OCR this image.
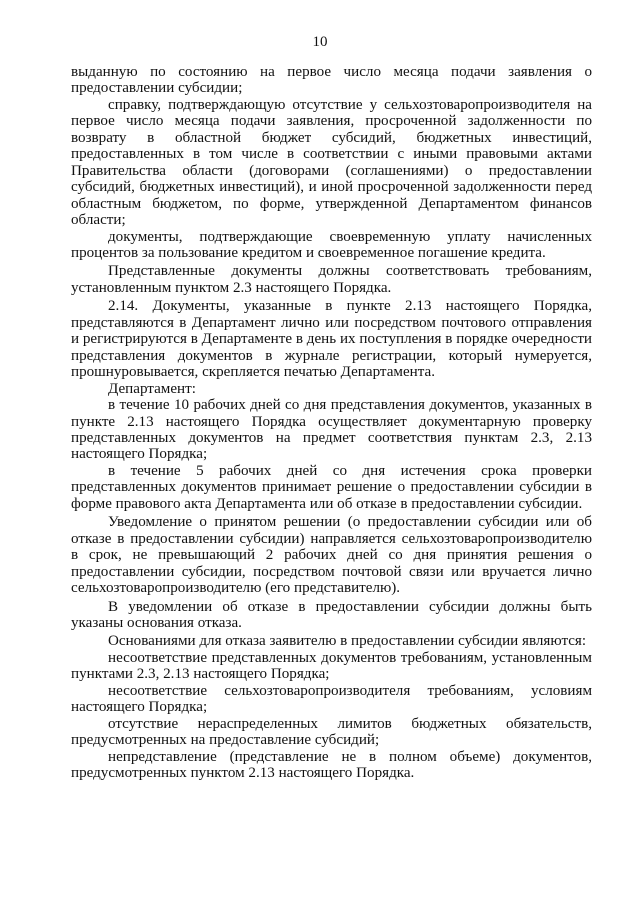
10

выданную по состоянию на первое число месяца подачи заявления о предоставлении субсидии;

справку, подтверждающую отсутствие у сельхозтоваропроизводителя на первое число месяца подачи заявления, просроченной задолженности по возврату в областной бюджет субсидий, бюджетных инвестиций, предоставленных в том числе в соответствии с иными правовыми актами Правительства области (договорами (соглашениями) о предоставлении субсидий, бюджетных инвестиций), и иной просроченной задолженности перед областным бюджетом, по форме, утвержденной Департаментом финансов области;

документы, подтверждающие своевременную уплату начисленных процентов за пользование кредитом и своевременное погашение кредита.

Представленные документы должны соответствовать требованиям, установленным пунктом 2.3 настоящего Порядка.

2.14. Документы, указанные в пункте 2.13 настоящего Порядка, представляются в Департамент лично или посредством почтового отправления и регистрируются в Департаменте в день их поступления в порядке очередности представления документов в журнале регистрации, который нумеруется, прошнуровывается, скрепляется печатью Департамента.

Департамент:

в течение 10 рабочих дней со дня представления документов, указанных в пункте 2.13 настоящего Порядка осуществляет документарную проверку представленных документов на предмет соответствия пунктам 2.3, 2.13 настоящего Порядка;

в течение 5 рабочих дней со дня истечения срока проверки представленных документов принимает решение о предоставлении субсидии в форме правового акта Департамента или об отказе в предоставлении субсидии.

Уведомление о принятом решении (о предоставлении субсидии или об отказе в предоставлении субсидии) направляется сельхозтоваропроизводителю в срок, не превышающий 2 рабочих дней со дня принятия решения о предоставлении субсидии, посредством почтовой связи или вручается лично сельхозтоваропроизводителю (его представителю).

В уведомлении об отказе в предоставлении субсидии должны быть указаны основания отказа.

Основаниями для отказа заявителю в предоставлении субсидии являются:

несоответствие представленных документов требованиям, установленным пунктами 2.3, 2.13 настоящего Порядка;

несоответствие сельхозтоваропроизводителя требованиям, условиям настоящего Порядка;

отсутствие нераспределенных лимитов бюджетных обязательств, предусмотренных на предоставление субсидий;

непредставление (представление не в полном объеме) документов, предусмотренных пунктом 2.13 настоящего Порядка.
